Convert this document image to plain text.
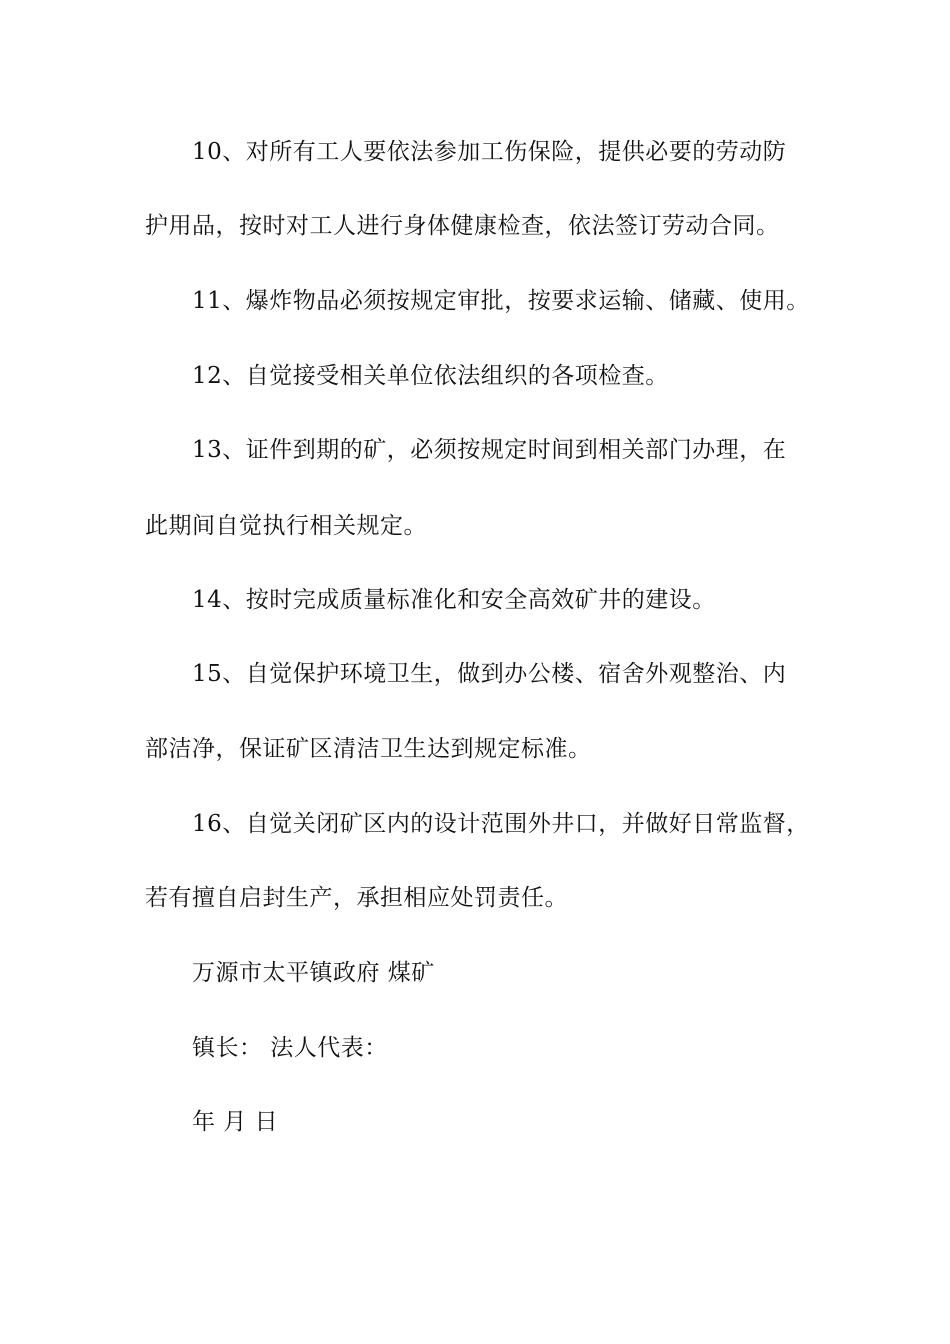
10、对所有工人要依法参加工伤保险，提供必要的劳动防
护用品，按时对工人进行身体健康检查，依法签订劳动合同。
11、爆炸物品必须按规定审批，按要求运输、储藏、使用。
12、自觉接受相关单位依法组织的各项检查。
13、证件到期的矿，必须按规定时间到相关部门办理，在
此期间自觉执行相关规定。
14、按时完成质量标准化和安全高效矿井的建设。
15、自觉保护环境卫生，做到办公楼、宿舍外观整治、内
部洁净，保证矿区清洁卫生达到规定标准。
16、自觉关闭矿区内的设计范围外井口，并做好日常监督，
若有擅自启封生产，承担相应处罚责任。
万源市太平镇政府 煤矿
镇长： 法人代表：
年 月 日
